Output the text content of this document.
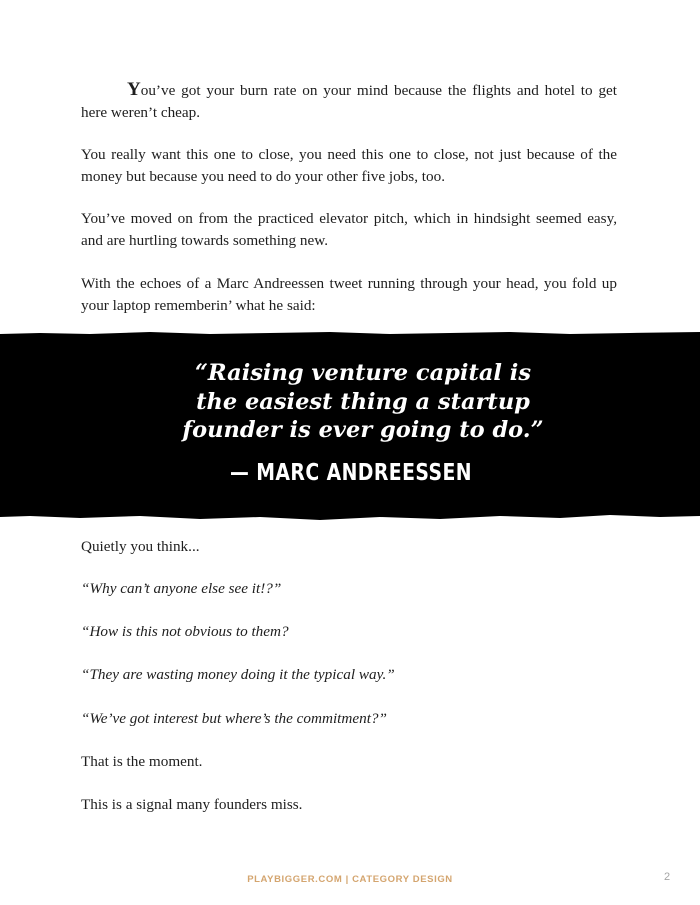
You’ve got your burn rate on your mind because the flights and hotel to get here weren’t cheap.

You really want this one to close, you need this one to close, not just because of the money but because you need to do your other five jobs, too.

You’ve moved on from the practiced elevator pitch, which in hindsight seemed easy, and are hurtling towards something new.

With the echoes of a Marc Andreessen tweet running through your head, you fold up your laptop rememberin’ what he said:

“Raising venture capital is
the easiest thing a startup
founder is ever going to do.”

— MARC ANDREESSEN

Quietly you think...

“Why can’t anyone else see it!?”

“How is this not obvious to them?

“They are wasting money doing it the typical way.”

“We’ve got interest but where’s the commitment?”

That is the moment.

This is a signal many founders miss.

PLAYBIGGER.COM | CATEGORY DESIGN	2
